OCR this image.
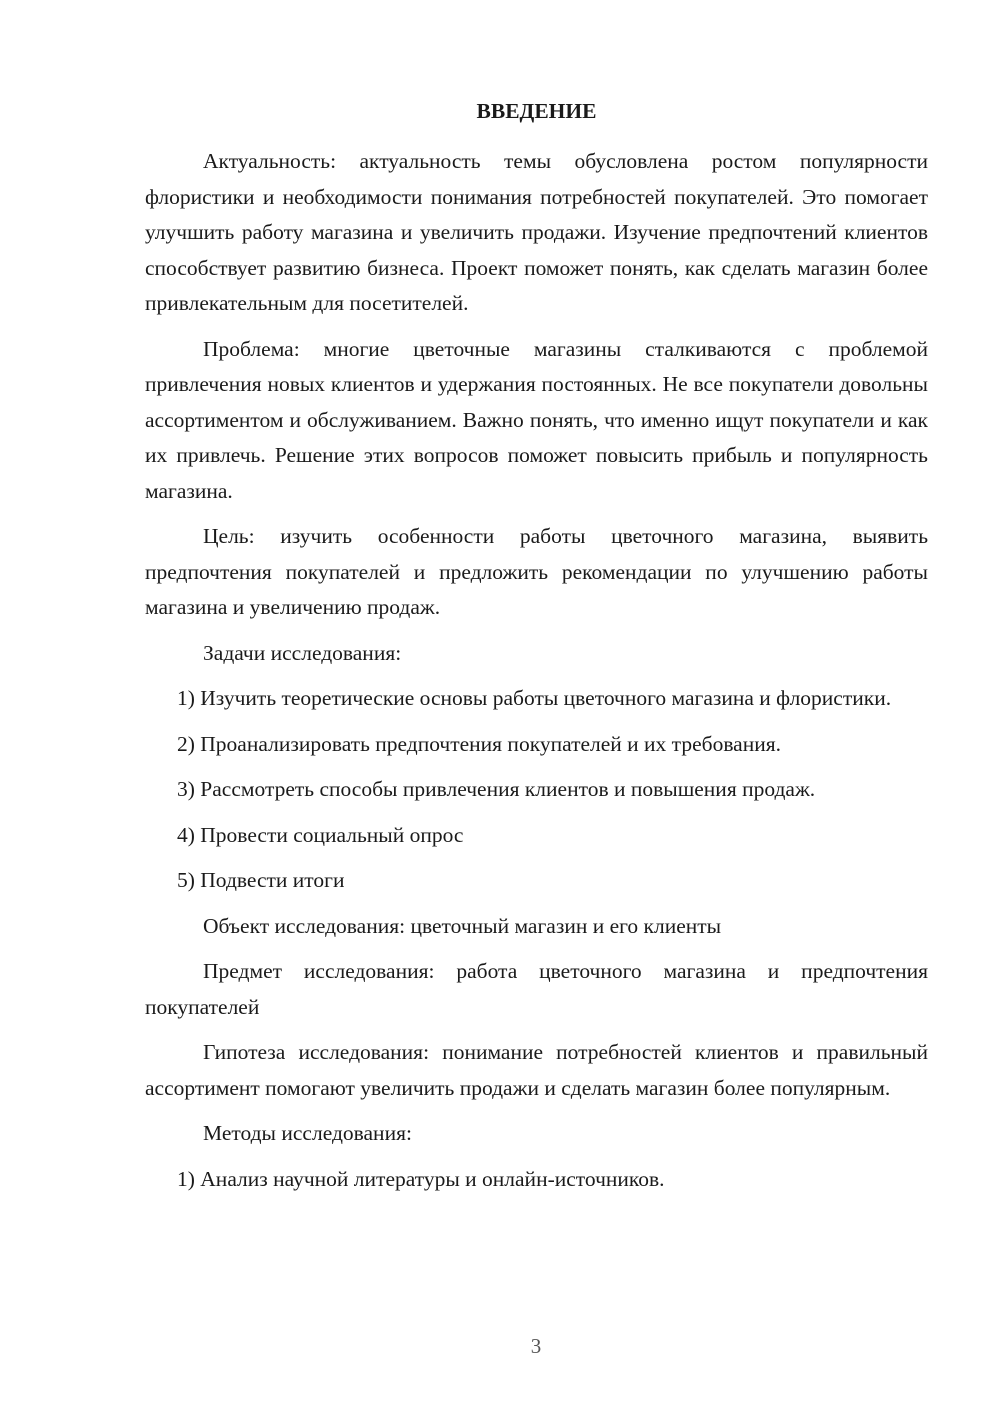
ВВЕДЕНИЕ

Актуальность: актуальность темы обусловлена ростом популярности флористики и необходимости понимания потребностей покупателей. Это помогает улучшить работу магазина и увеличить продажи. Изучение предпочтений клиентов способствует развитию бизнеса. Проект поможет понять, как сделать магазин более привлекательным для посетителей.

Проблема: многие цветочные магазины сталкиваются с проблемой привлечения новых клиентов и удержания постоянных. Не все покупатели довольны ассортиментом и обслуживанием. Важно понять, что именно ищут покупатели и как их привлечь. Решение этих вопросов поможет повысить прибыль и популярность магазина.

Цель: изучить особенности работы цветочного магазина, выявить предпочтения покупателей и предложить рекомендации по улучшению работы магазина и увеличению продаж.

Задачи исследования:

1) Изучить теоретические основы работы цветочного магазина и флористики.

2) Проанализировать предпочтения покупателей и их требования.

3) Рассмотреть способы привлечения клиентов и повышения продаж.

4) Провести социальный опрос

5) Подвести итоги

Объект исследования: цветочный магазин и его клиенты

Предмет исследования: работа цветочного магазина и предпочтения покупателей

Гипотеза исследования: понимание потребностей клиентов и правильный ассортимент помогают увеличить продажи и сделать магазин более популярным.

Методы исследования:

1) Анализ научной литературы и онлайн-источников.

3
